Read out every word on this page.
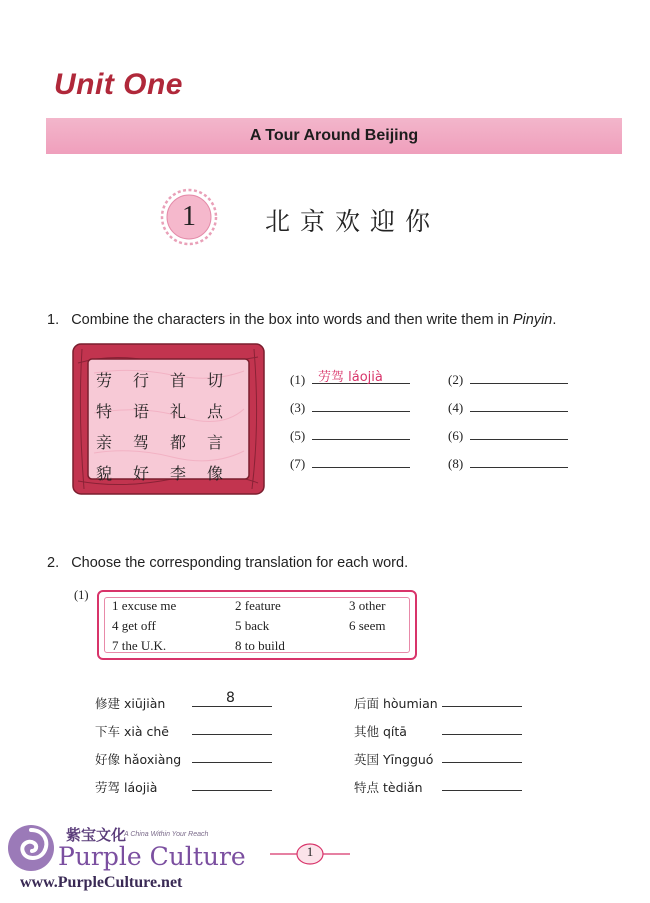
Unit One
A Tour Around Beijing
1	北京欢迎你
1. Combine the characters in the box into words and then write them in Pinyin.
劳	行	首	切
特	语	礼	点
亲	驾	都	言
貌	好	李	像
(1) 劳驾 láojià
(3)
(5)
(7)
(2)
(4)
(6)
(8)
2. Choose the corresponding translation for each word.
(1)
1 excuse me	2 feature	3 other
4 get off	5 back	6 seem
7 the U.K.	8 to build
修建 xiūjiàn	8
下车 xià chē
好像 hǎoxiàng
劳驾 láojià
后面 hòumian
其他 qítā
英国 Yīngguó
特点 tèdiǎn
紫宝文化
A China Within Your Reach
Purple Culture
www.PurpleCulture.net
1
